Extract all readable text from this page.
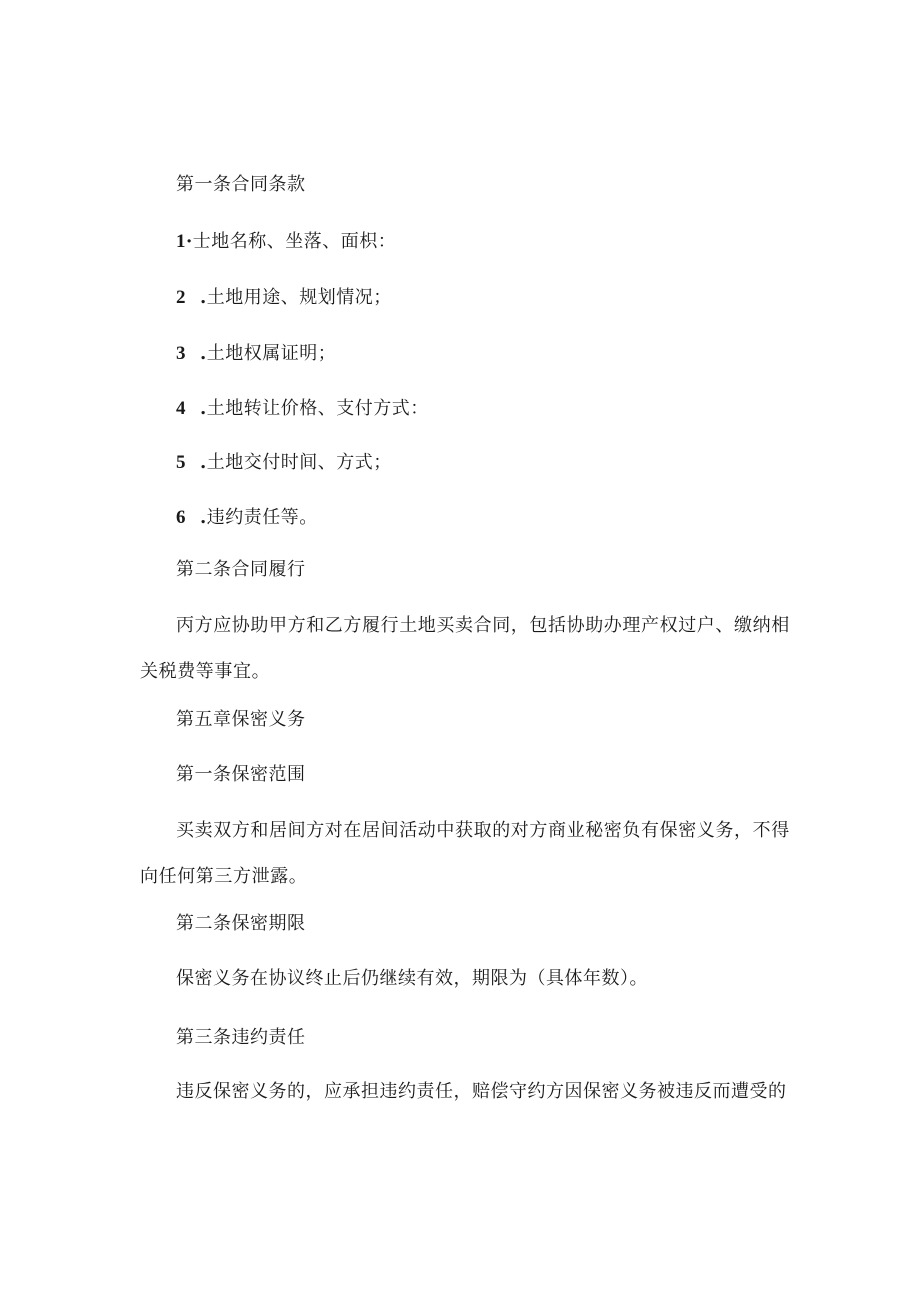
第一条合同条款
1·士地名称、坐落、面枳：
2 .土地用途、规划情况；
3 .土地权属证明；
4 .土地转让价格、支付方式：
5 .土地交付时间、方式；
6 .违约责任等。
第二条合同履行
丙方应协助甲方和乙方履行土地买卖合同，包括协助办理产权过户、缴纳相关税费等事宜。
第五章保密义务
第一条保密范围
买卖双方和居间方对在居间活动中获取的对方商业秘密负有保密义务，不得向任何第三方泄露。
第二条保密期限
保密义务在协议终止后仍继续有效，期限为（具体年数）。
第三条违约责任
违反保密义务的，应承担违约责任，赔偿守约方因保密义务被违反而遭受的
